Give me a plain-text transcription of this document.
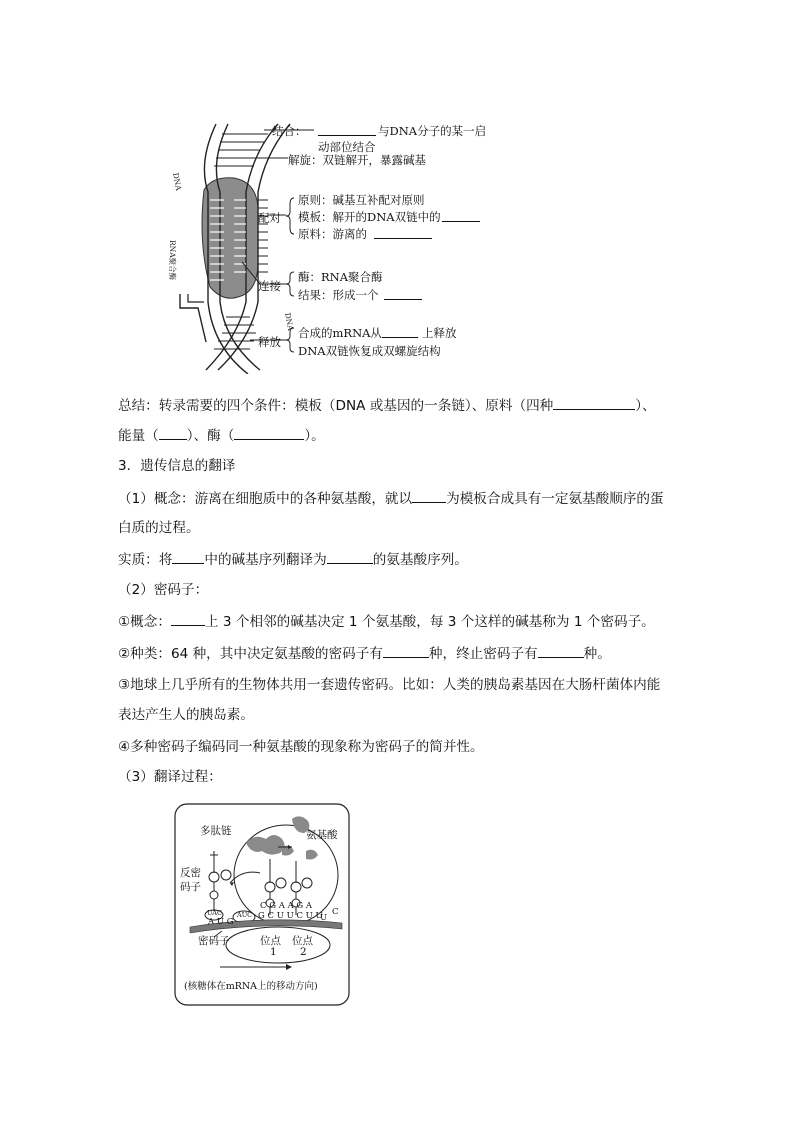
DNA
RNA聚合酶
DNA
结合：	与DNA分子的某一启
动部位结合
解旋：双链解开，暴露碱基
配对
原则：碱基互补配对原则
模板：解开的DNA双链中的
原料：游离的
连接
酶：RNA聚合酶
结果：形成一个
释放
合成的mRNA从	上释放
DNA双链恢复成双螺旋结构
总结：转录需要的四个条件：模板（DNA 或基因的一条链）、原料（四种	）、
能量（ ）、酶（	）。
3．遗传信息的翻译
（1）概念：游离在细胞质中的各种氨基酸，就以	为模板合成具有一定氨基酸顺序的蛋
白质的过程。
实质：将 中的碱基序列翻译为	的氨基酸序列。
（2）密码子：
①概念：	上 3 个相邻的碱基决定 1 个氨基酸，每 3 个这样的碱基称为 1 个密码子。
②种类：64 种，其中决定氨基酸的密码子有	种，终止密码子有	种。
③地球上几乎所有的生物体共用一套遗传密码。比如：人类的胰岛素基因在大肠杆菌体内能
表达产生人的胰岛素。
④多种密码子编码同一种氨基酸的现象称为密码子的简并性。
（3）翻译过程：
多肽链	氨基酸
反密
码子
UAC AUC
A U G
C G A A G A
G C U U C U U
U
C
密码子	位点
1
位点
2
(核糖体在mRNA上的移动方向)
